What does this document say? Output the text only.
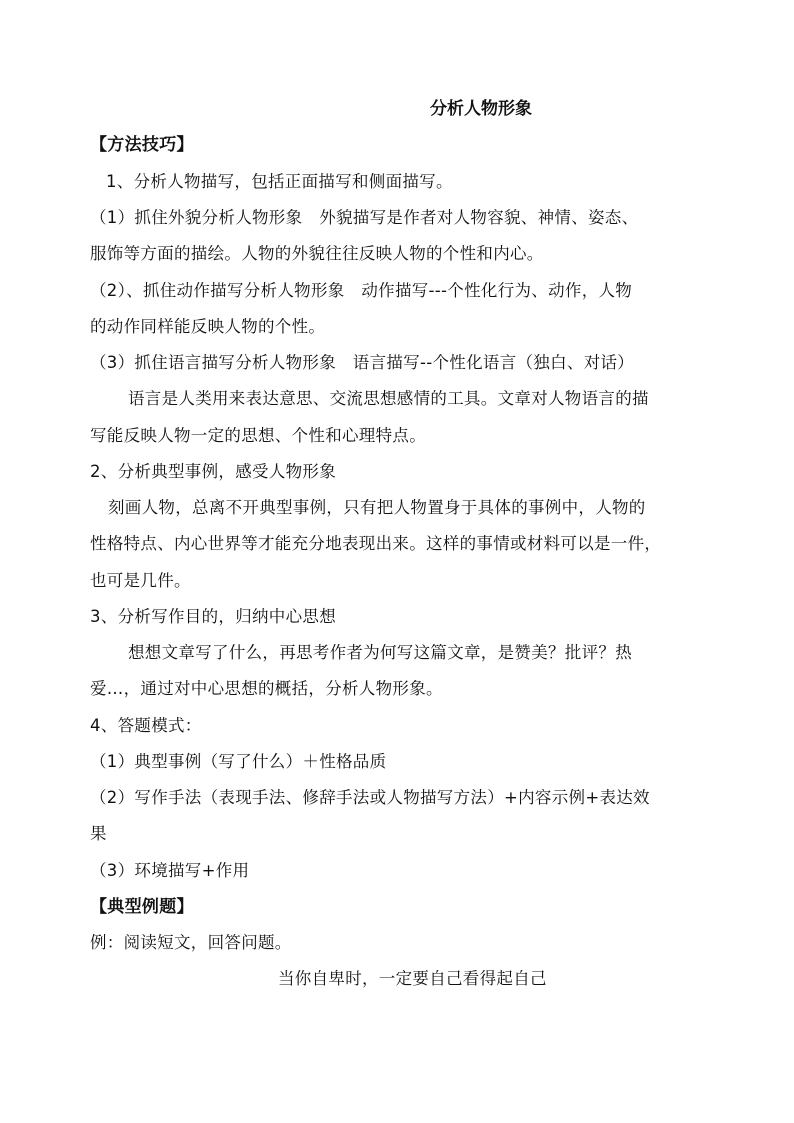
分析人物形象
【方法技巧】
1、分析人物描写，包括正面描写和侧面描写。
（1）抓住外貌分析人物形象　外貌描写是作者对人物容貌、神情、姿态、
服饰等方面的描绘。人物的外貌往往反映人物的个性和内心。
（2）、抓住动作描写分析人物形象　动作描写---个性化行为、动作，人物
的动作同样能反映人物的个性。
（3）抓住语言描写分析人物形象　语言描写--个性化语言（独白、对话）
语言是人类用来表达意思、交流思想感情的工具。文章对人物语言的描
写能反映人物一定的思想、个性和心理特点。
2、分析典型事例，感受人物形象
刻画人物，总离不开典型事例，只有把人物置身于具体的事例中，人物的
性格特点、内心世界等才能充分地表现出来。这样的事情或材料可以是一件，
也可是几件。
3、分析写作目的，归纳中心思想
想想文章写了什么，再思考作者为何写这篇文章，是赞美？批评？热
爱…，通过对中心思想的概括，分析人物形象。
4、答题模式：
（1）典型事例（写了什么）＋性格品质
（2）写作手法（表现手法、修辞手法或人物描写方法）+内容示例+表达效
果
（3）环境描写+作用
【典型例题】
例：阅读短文，回答问题。
当你自卑时，一定要自己看得起自己
